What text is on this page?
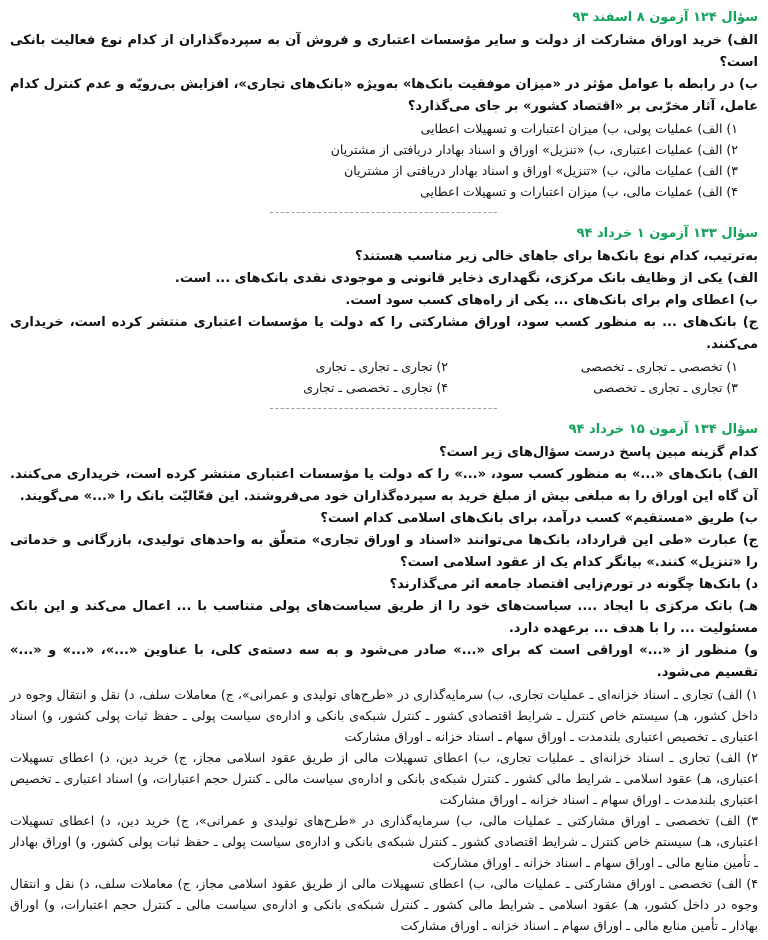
سؤال ۱۲۴ آزمون ۸ اسفند ۹۳

الف) خرید اوراق مشارکت از دولت و سایر مؤسسات اعتباری و فروش آن به سپرده‌گذاران از کدام نوع فعالیت بانکی است؟

ب) در رابطه با عوامل مؤثر در «میزان موفقیت بانک‌ها» به‌ویژه «بانک‌های تجاری»، افزایش بی‌رویّه و عدم کنترل کدام عامل، آثار مخرّبی بر «اقتصاد کشور» بر جای می‌گذارد؟

۱) الف) عملیات پولی، ب) میزان اعتبارات و تسهیلات اعطایی

۲) الف) عملیات اعتباری، ب) «تنزیل» اوراق و اسناد بهادار دریافتی از مشتریان

۳) الف) عملیات مالی، ب) «تنزیل» اوراق و اسناد بهادار دریافتی از مشتریان

۴) الف) عملیات مالی، ب) میزان اعتبارات و تسهیلات اعطایی

-------------------------------------------
سؤال ۱۳۳ آزمون ۱ خرداد ۹۴

به‌ترتیب، کدام نوع بانک‌ها برای جاهای خالی زیر مناسب هستند؟

الف) یکی از وظایف بانک مرکزی، نگهداری ذخایر قانونی و موجودی نقدی بانک‌های ... است.

ب) اعطای وام برای بانک‌های ... یکی از راه‌های کسب سود است.

ج) بانک‌های ... به منظور کسب سود، اوراق مشارکتی را که دولت یا مؤسسات اعتباری منتشر کرده است، خریداری می‌کنند.

۱) تخصصی ـ تجاری ـ تخصصی

۲) تجاری ـ تجاری ـ تجاری

۳) تجاری ـ تجاری ـ تخصصی

۴) تجاری ـ تخصصی ـ تجاری

-------------------------------------------
سؤال ۱۳۴ آزمون ۱۵ خرداد ۹۴

کدام گزینه مبین پاسخ درست سؤال‌های زیر است؟

الف) بانک‌های «...» به منظور کسب سود، «...» را که دولت یا مؤسسات اعتباری منتشر کرده است، خریداری می‌کنند. آن گاه این اوراق را به مبلغی بیش از مبلغ خرید به سپرده‌گذاران خود می‌فروشند. این فعّالیّت بانک را «...» می‌گویند.

ب) طریق «مستقیم» کسب درآمد، برای بانک‌های اسلامی کدام است؟

ج) عبارت «طی این قرارداد، بانک‌ها می‌توانند «اسناد و اوراق تجاری» متعلّق به واحدهای تولیدی، بازرگانی و خدماتی را «تنزیل» کنند.» بیانگر کدام یک از عقود اسلامی است؟

د) بانک‌ها چگونه در تورم‌زایی اقتصاد جامعه اثر می‌گذارند؟

هـ) بانک مرکزی با ایجاد .... سیاست‌های خود را از طریق سیاست‌های پولی متناسب با ... اعمال می‌کند و این بانک مسئولیت ... را با هدف ... برعهده دارد.

و) منظور از «...» اوراقی است که برای «...» صادر می‌شود و به سه دسته‌ی کلی، با عناوین «...»، «...» و «...» تقسیم می‌شود.

۱) الف) تجاری ـ اسناد خزانه‌ای ـ عملیات تجاری، ب) سرمایه‌گذاری در «طرح‌های تولیدی و عمرانی»، ج) معاملات سلف، د) نقل و انتقال وجوه در داخل کشور، هـ) سیستم خاص کنترل ـ شرایط اقتصادی کشور ـ کنترل شبکه‌ی بانکی و اداره‌ی سیاست پولی ـ حفظ ثبات پولی کشور، و) اسناد اعتباری ـ تخصیص اعتباری بلندمدت ـ اوراق سهام ـ اسناد خزانه ـ اوراق مشارکت

۲) الف) تجاری ـ اسناد خزانه‌ای ـ عملیات تجاری، ب) اعطای تسهیلات مالی از طریق عقود اسلامی مجاز، ج) خرید دین، د) اعطای تسهیلات اعتباری، هـ) عقود اسلامی ـ شرایط مالی کشور ـ کنترل شبکه‌ی بانکی و اداره‌ی سیاست مالی ـ کنترل حجم اعتبارات، و) اسناد اعتباری ـ تخصیص اعتباری بلندمدت ـ اوراق سهام ـ اسناد خزانه ـ اوراق مشارکت

۳) الف) تخصصی ـ اوراق مشارکتی ـ عملیات مالی، ب) سرمایه‌گذاری در «طرح‌های تولیدی و عمرانی»، ج) خرید دین، د) اعطای تسهیلات اعتباری، هـ) سیستم خاص کنترل ـ شرایط اقتصادی کشور ـ کنترل شبکه‌ی بانکی و اداره‌ی سیاست پولی ـ حفظ ثبات پولی کشور، و) اوراق بهادار ـ تأمین منابع مالی ـ اوراق سهام ـ اسناد خزانه ـ اوراق مشارکت

۴) الف) تخصصی ـ اوراق مشارکتی ـ عملیات مالی، ب) اعطای تسهیلات مالی از طریق عقود اسلامی مجاز، ج) معاملات سلف، د) نقل و انتقال وجوه در داخل کشور، هـ) عقود اسلامی ـ شرایط مالی کشور ـ کنترل شبکه‌ی بانکی و اداره‌ی سیاست مالی ـ کنترل حجم اعتبارات، و) اوراق بهادار ـ تأمین منابع مالی ـ اوراق سهام ـ اسناد خزانه ـ اوراق مشارکت
